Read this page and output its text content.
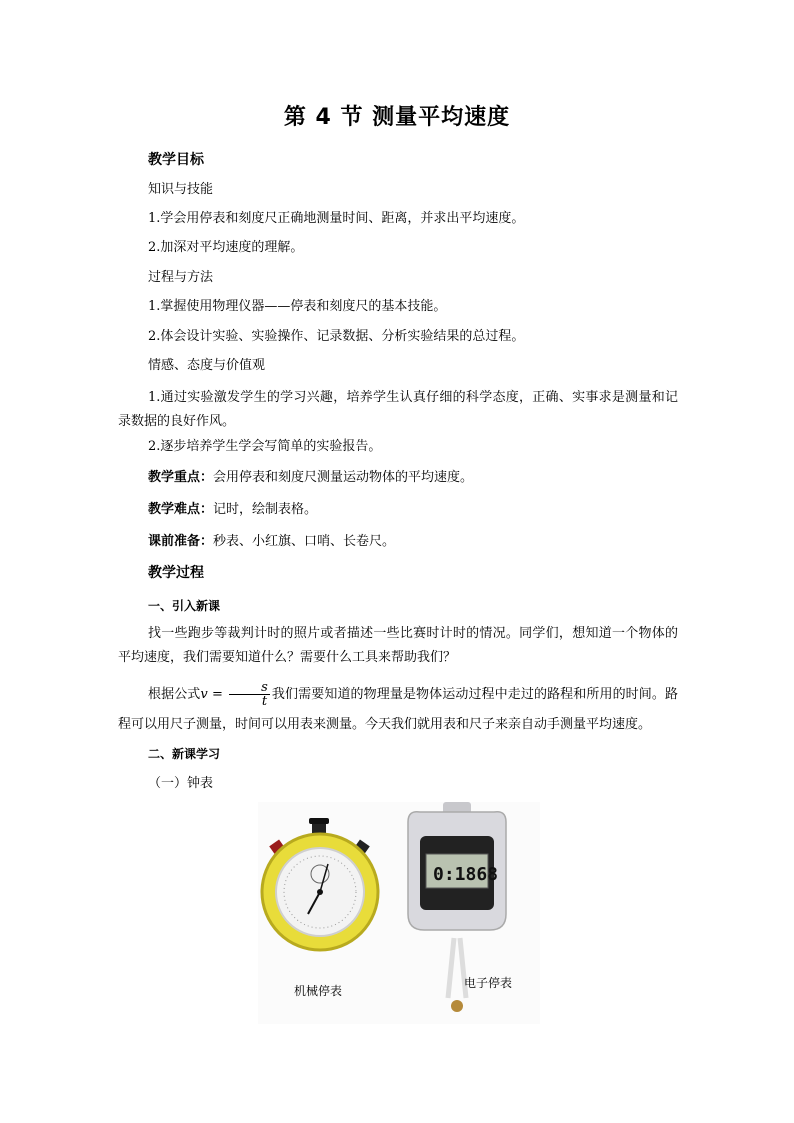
第 4 节 测量平均速度
教学目标
知识与技能
1.学会用停表和刻度尺正确地测量时间、距离，并求出平均速度。
2.加深对平均速度的理解。
过程与方法
1.掌握使用物理仪器——停表和刻度尺的基本技能。
2.体会设计实验、实验操作、记录数据、分析实验结果的总过程。
情感、态度与价值观
1.通过实验激发学生的学习兴趣，培养学生认真仔细的科学态度，正确、实事求是测量和记录数据的良好作风。
2.逐步培养学生学会写简单的实验报告。
教学重点：会用停表和刻度尺测量运动物体的平均速度。
教学难点：记时，绘制表格。
课前准备：秒表、小红旗、口哨、长卷尺。
教学过程
一、引入新课
找一些跑步等裁判计时的照片或者描述一些比赛时计时的情况。同学们，想知道一个物体的平均速度，我们需要知道什么？需要什么工具来帮助我们？
根据公式$v = \frac{s}{t}$ 我们需要知道的物理量是物体运动过程中走过的路程和所用的时间。路程可以用尺子测量，时间可以用表来测量。今天我们就用表和尺子来亲自动手测量平均速度。
二、新课学习
（一）钟表
0:1868
机械停表
电子停表
